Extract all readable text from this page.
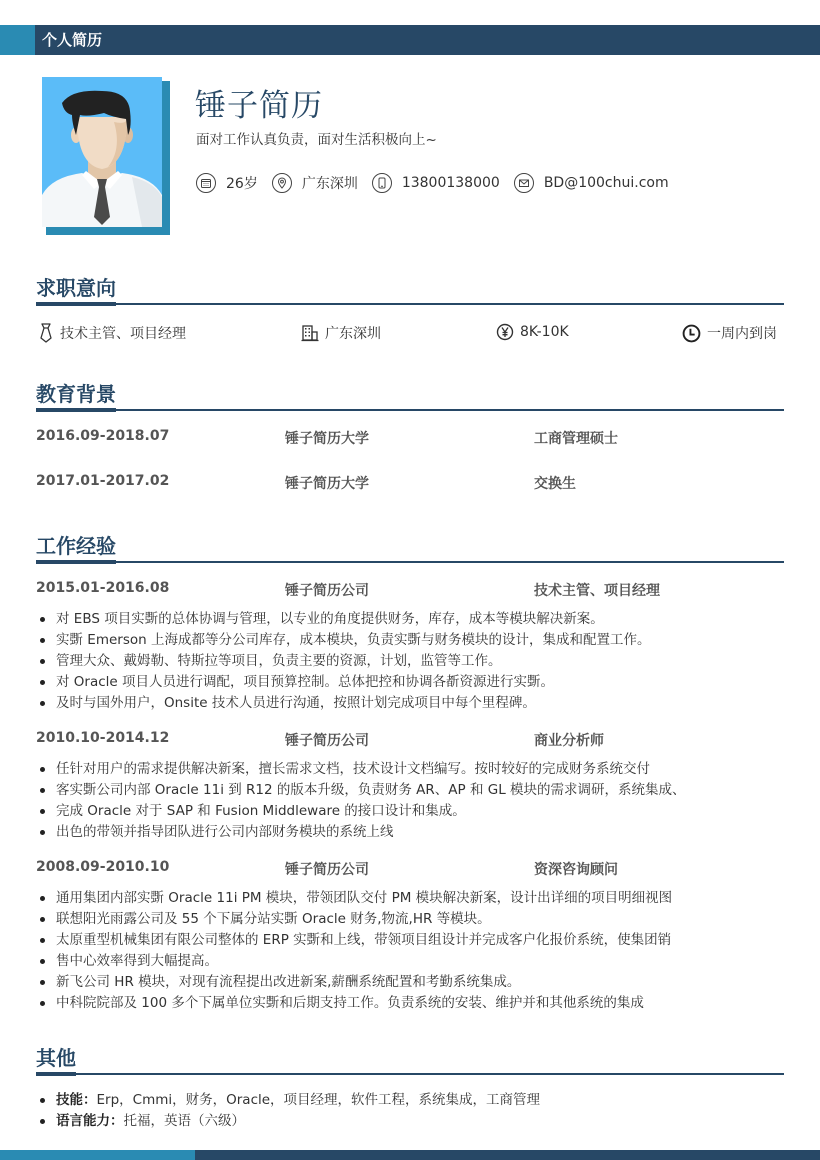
个人简历
锤子简历
面对工作认真负责，面对生活积极向上~
26岁	广东深圳	13800138000	BD@100chui.com
求职意向
技术主管、项目经理	广东深圳	8K-10K	一周内到岗
教育背景
2016.09-2018.07	锤子简历大学	工商管理硕士
2017.01-2017.02	锤子简历大学	交换生
工作经验
2015.01-2016.08	锤子简历公司	技术主管、项目经理
对 EBS 项目实斲的总体协调与管理，以专业的角度提供财务，库存，成本等模块解决新案。
实斲 Emerson 上海成都等分公司库存，成本模块，负责实斲与财务模块的设计，集成和配置工作。
管理大众、戴姆勒、特斯拉等项目，负责主要的资源，计划，监管等工作。
对 Oracle 项目人员进行调配，项目预算控制。总体把控和协调各斱资源进行实斲。
及时与国外用户，Onsite 技术人员进行沟通，按照计划完成项目中每个里程碑。
2010.10-2014.12	锤子简历公司	商业分析师
任针对用户的需求提供解决新案，擅长需求文档，技术设计文档编写。按时较好的完成财务系统交付
客实斲公司内部 Oracle 11i 到 R12 的版本升级，负责财务 AR、AP 和 GL 模块的需求调研，系统集成、
完成 Oracle 对于 SAP 和 Fusion Middleware 的接口设计和集成。
出色的带领并指导团队进行公司内部财务模块的系统上线
2008.09-2010.10	锤子简历公司	资深咨询顾问
通用集团内部实斲 Oracle 11i PM 模块，带领团队交付 PM 模块解决新案，设计出详细的项目明细视图
联想阳光雨露公司及 55 个下属分站实斲 Oracle 财务,物流,HR 等模块。
太原重型机械集团有限公司整体的 ERP 实斲和上线，带领项目组设计并完成客户化报价系统，使集团销
售中心效率得到大幅提高。
新飞公司 HR 模块，对现有流程提出改进新案,薪酬系统配置和考勤系统集成。
中科院院部及 100 多个下属单位实斲和后期支持工作。负责系统的安装、维护并和其他系统的集成
其他
技能：Erp，Cmmi，财务，Oracle，项目经理，软件工程，系统集成，工商管理
语言能力：托福，英语（六级）
